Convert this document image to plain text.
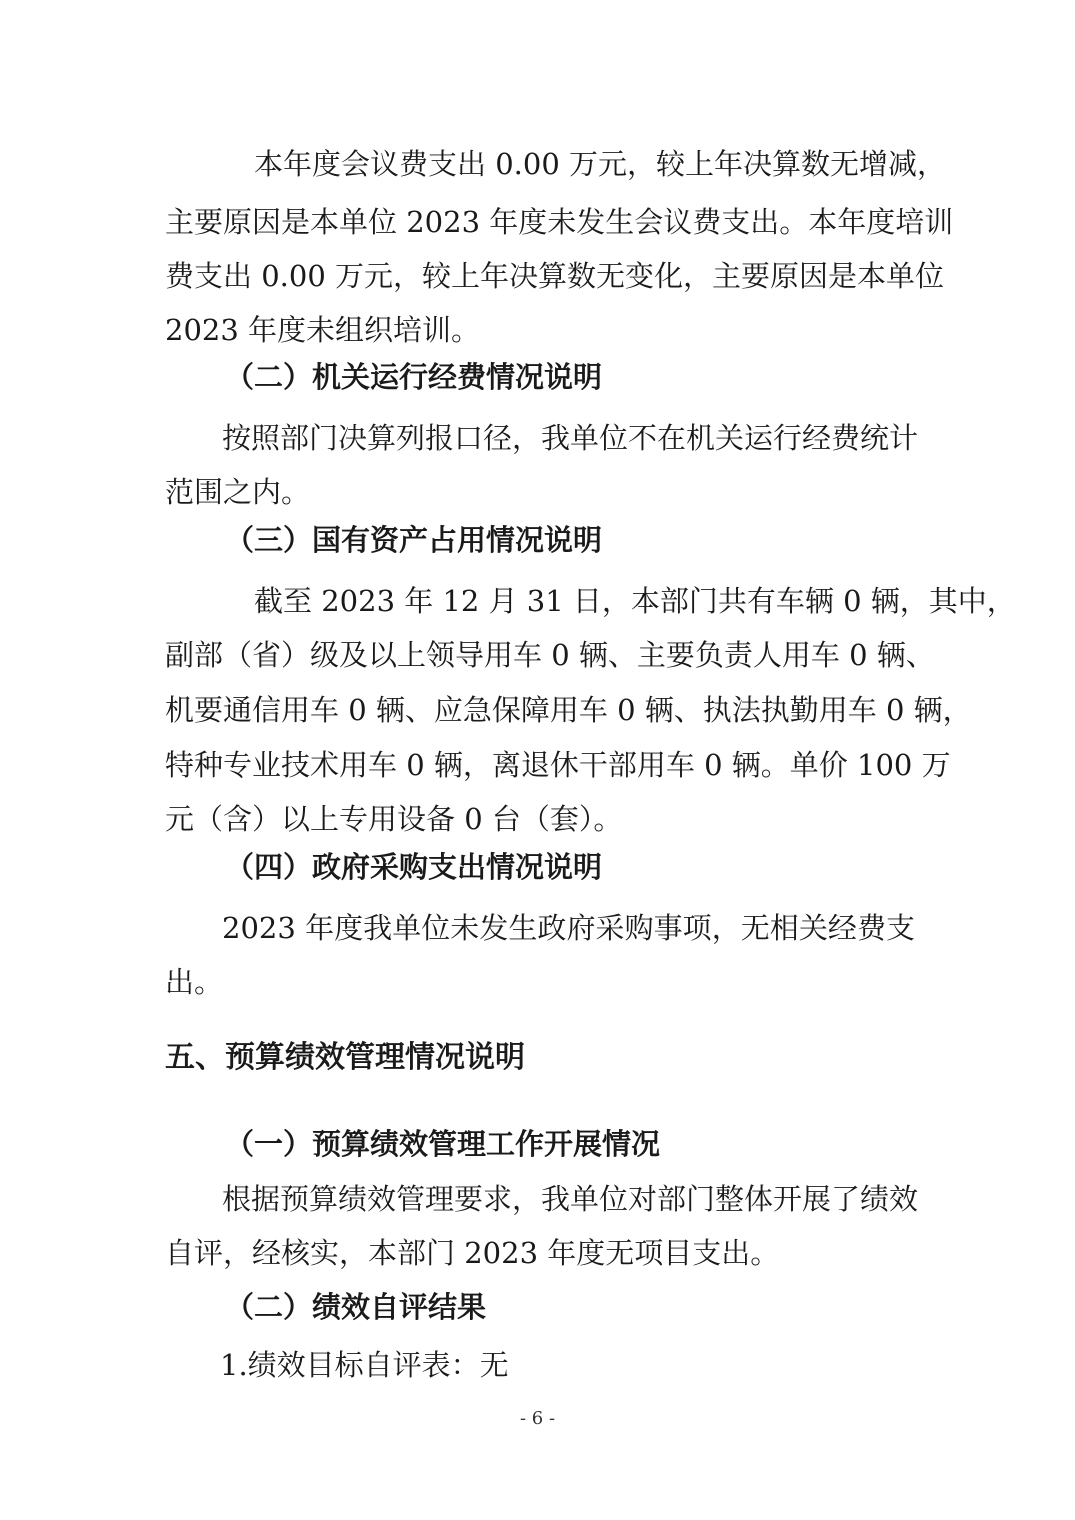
　本年度会议费支出 0.00 万元，较上年决算数无增减，

主要原因是本单位 2023 年度未发生会议费支出。本年度培训

费支出 0.00 万元，较上年决算数无变化，主要原因是本单位

2023 年度未组织培训。

（二）机关运行经费情况说明

按照部门决算列报口径，我单位不在机关运行经费统计

范围之内。

（三）国有资产占用情况说明

　截至 2023 年 12 月 31 日，本部门共有车辆 0 辆，其中，

副部（省）级及以上领导用车 0 辆、主要负责人用车 0 辆、

机要通信用车 0 辆、应急保障用车 0 辆、执法执勤用车 0 辆，

特种专业技术用车 0 辆，离退休干部用车 0 辆。单价 100 万

元（含）以上专用设备 0 台（套）。

（四）政府采购支出情况说明

2023 年度我单位未发生政府采购事项，无相关经费支

出。

五、预算绩效管理情况说明

（一）预算绩效管理工作开展情况

根据预算绩效管理要求，我单位对部门整体开展了绩效

自评，经核实，本部门 2023 年度无项目支出。

（二）绩效自评结果

1.绩效目标自评表：无

- 6 -
